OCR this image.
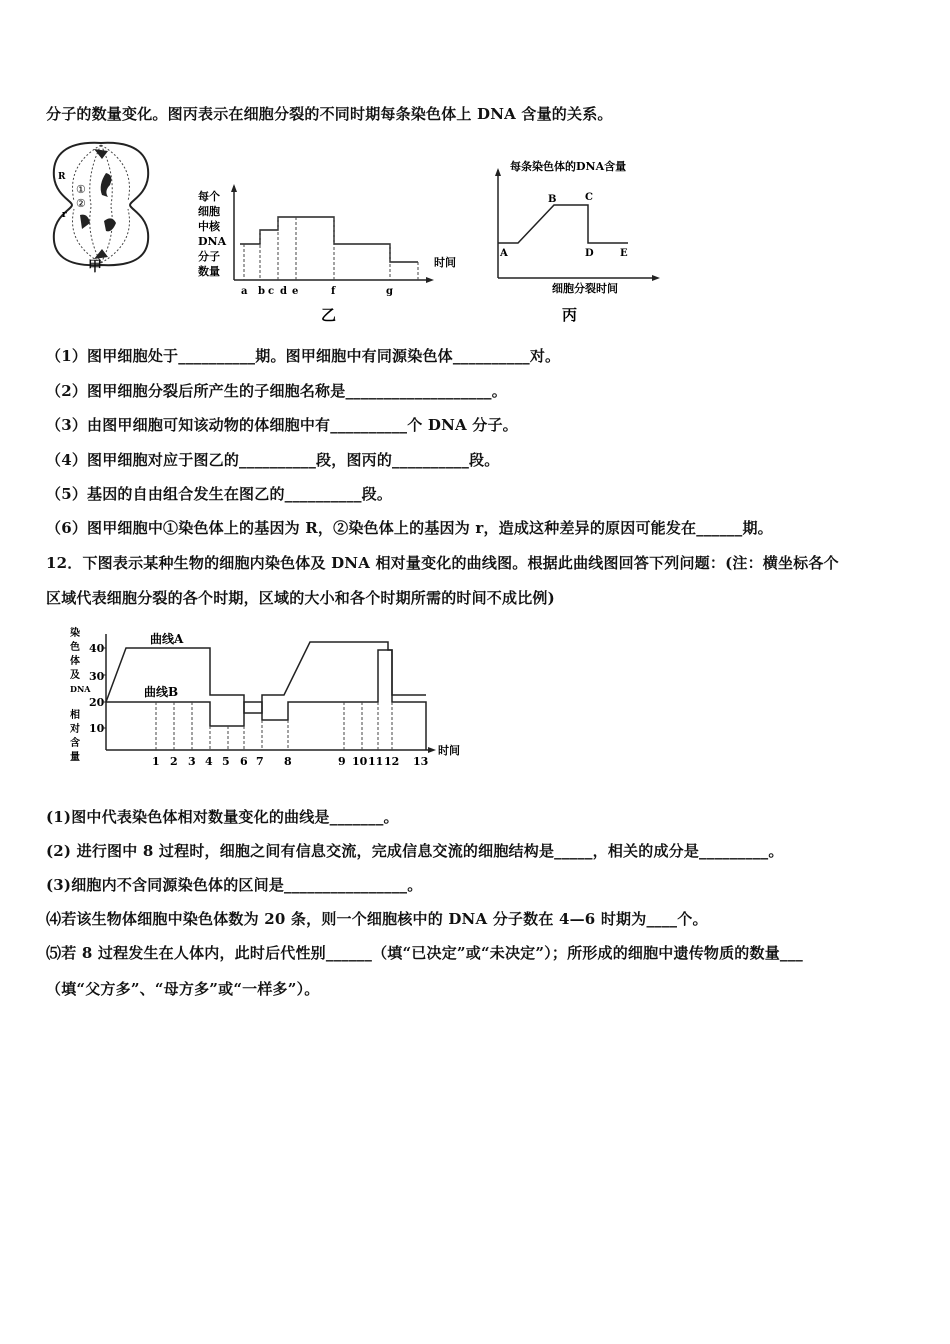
分子的数量变化。图丙表示在细胞分裂的不同时期每条染色体上 DNA 含量的关系。
R
r
①
②
甲
每个
细胞
中核
DNA
分子
数量
时间
a b c d e	f	g
乙
每条染色体的DNA含量
A
B	C
D	E
细胞分裂时间
丙
（1）图甲细胞处于__________期。图甲细胞中有同源染色体__________对。
（2）图甲细胞分裂后所产生的子细胞名称是___________________。
（3）由图甲细胞可知该动物的体细胞中有__________个 DNA 分子。
（4）图甲细胞对应于图乙的__________段，图丙的__________段。
（5）基因的自由组合发生在图乙的__________段。
（6）图甲细胞中①染色体上的基因为 R，②染色体上的基因为 r，造成这种差异的原因可能发在______期。
12．下图表示某种生物的细胞内染色体及 DNA 相对量变化的曲线图。根据此曲线图回答下列问题：(注：横坐标各个
区域代表细胞分裂的各个时期，区域的大小和各个时期所需的时间不成比例)
染
色
体
及
DNA
相
对
含
量
40
30
20
10
曲线A
曲线B
1 2 3 4 5 6 7 8	9 10 11 12 13
时间
(1)图中代表染色体相对数量变化的曲线是_______。
(2) 进行图中 8 过程时，细胞之间有信息交流，完成信息交流的细胞结构是_____，相关的成分是_________。
(3)细胞内不含同源染色体的区间是________________。
⑷若该生物体细胞中染色体数为 20 条，则一个细胞核中的 DNA 分子数在 4—6 时期为____个。
⑸若 8 过程发生在人体内，此时后代性别______（填“已决定”或“未决定”）；所形成的细胞中遗传物质的数量___
（填“父方多”、“母方多”或“一样多”）。
